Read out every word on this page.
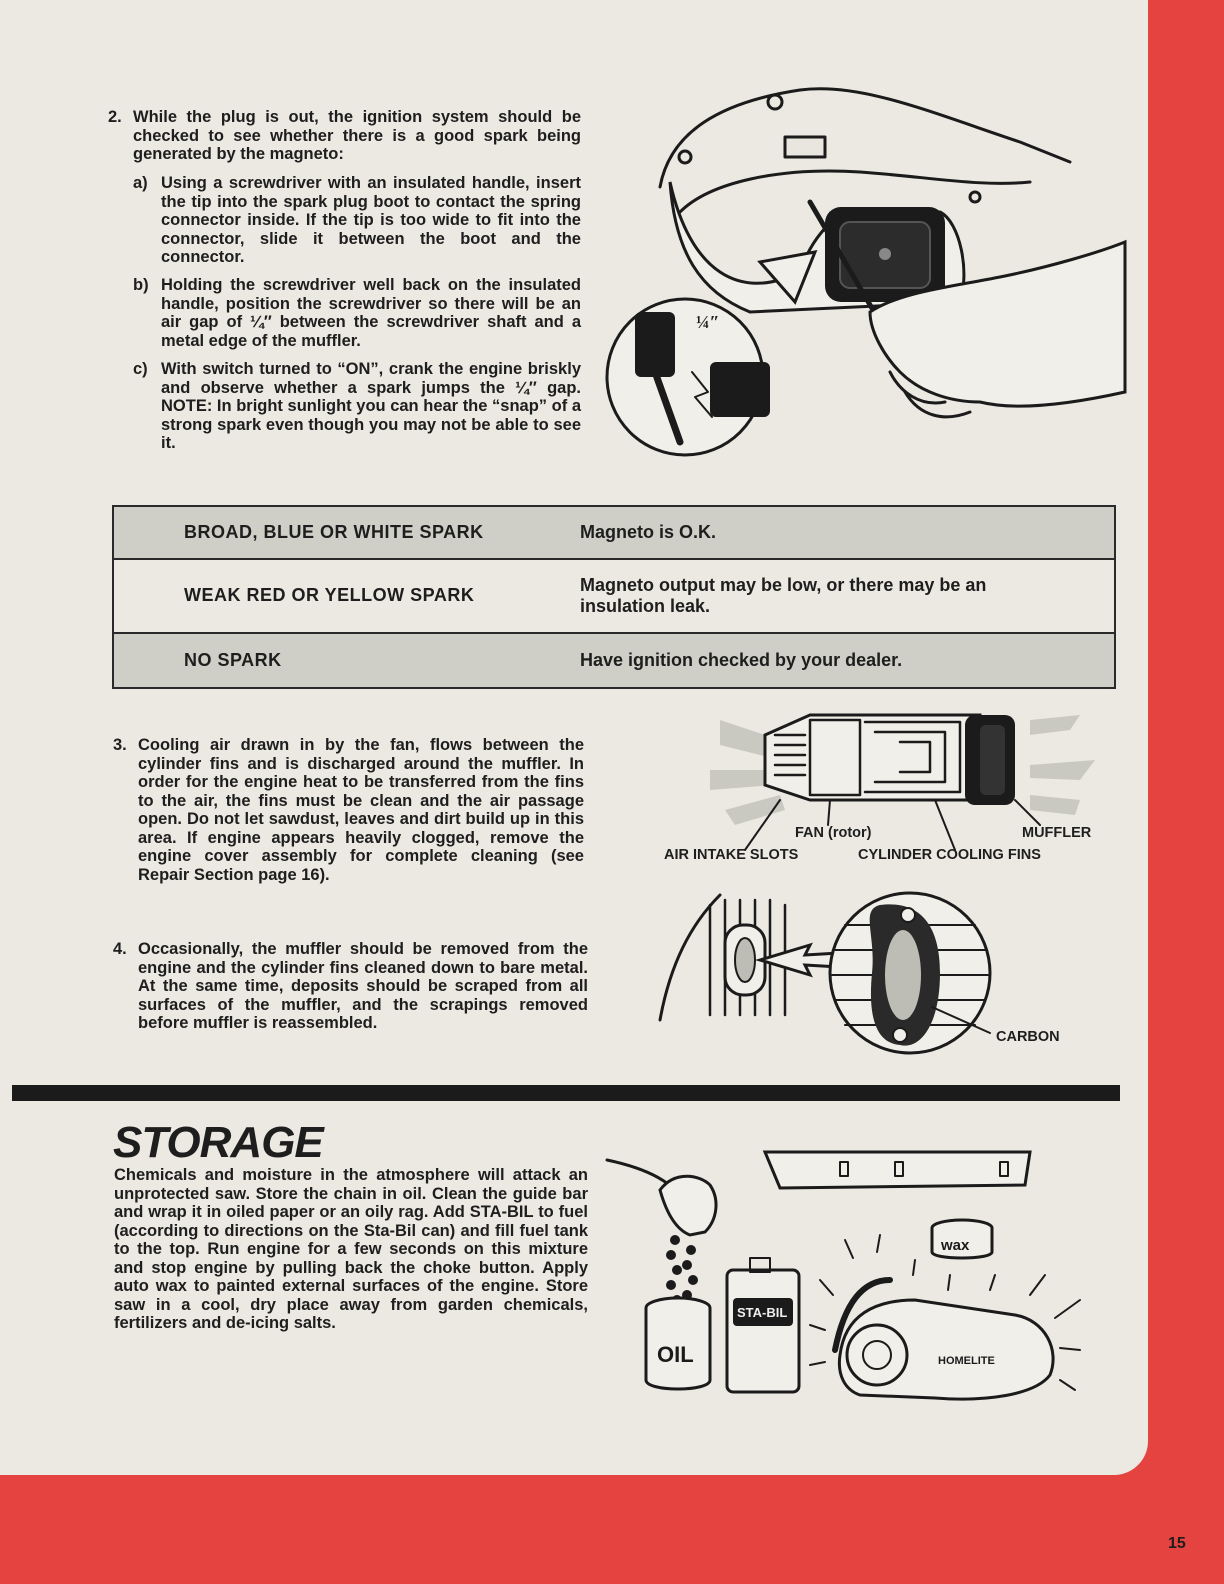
2. While the plug is out, the ignition system should be checked to see whether there is a good spark being generated by the magneto:

a) Using a screwdriver with an insulated handle, insert the tip into the spark plug boot to contact the spring connector inside. If the tip is too wide to fit into the connector, slide it between the boot and the connector.

b) Holding the screwdriver well back on the insulated handle, position the screwdriver so there will be an air gap of ¼″ between the screwdriver shaft and a metal edge of the muffler.

c) With switch turned to “ON”, crank the engine briskly and observe whether a spark jumps the ¼″ gap. NOTE: In bright sunlight you can hear the “snap” of a strong spark even though you may not be able to see it.

¼″
BROAD, BLUE OR WHITE SPARK	Magneto is O.K.
WEAK RED OR YELLOW SPARK	Magneto output may be low, or there may be an insulation leak.
NO SPARK	Have ignition checked by your dealer.
3. Cooling air drawn in by the fan, flows between the cylinder fins and is discharged around the muffler. In order for the engine heat to be transferred from the fins to the air, the fins must be clean and the air passage open. Do not let sawdust, leaves and dirt build up in this area. If engine appears heavily clogged, remove the engine cover assembly for complete cleaning (see Repair Section page 16).

FAN (rotor)	MUFFLER
AIR INTAKE SLOTS	CYLINDER COOLING FINS
4. Occasionally, the muffler should be removed from the engine and the cylinder fins cleaned down to bare metal. At the same time, deposits should be scraped from all surfaces of the muffler, and the scrapings removed before muffler is reassembled.

CARBON
STORAGE

Chemicals and moisture in the atmosphere will attack an unprotected saw. Store the chain in oil. Clean the guide bar and wrap it in oiled paper or an oily rag. Add STA-BIL to fuel (according to directions on the Sta-Bil can) and fill fuel tank to the top. Run engine for a few seconds on this mixture and stop engine by pulling back the choke button. Apply auto wax to painted external surfaces of the engine. Store saw in a cool, dry place away from garden chemicals, fertilizers and de-icing salts.

wax
OIL
STA-BIL
HOMELITE
15
